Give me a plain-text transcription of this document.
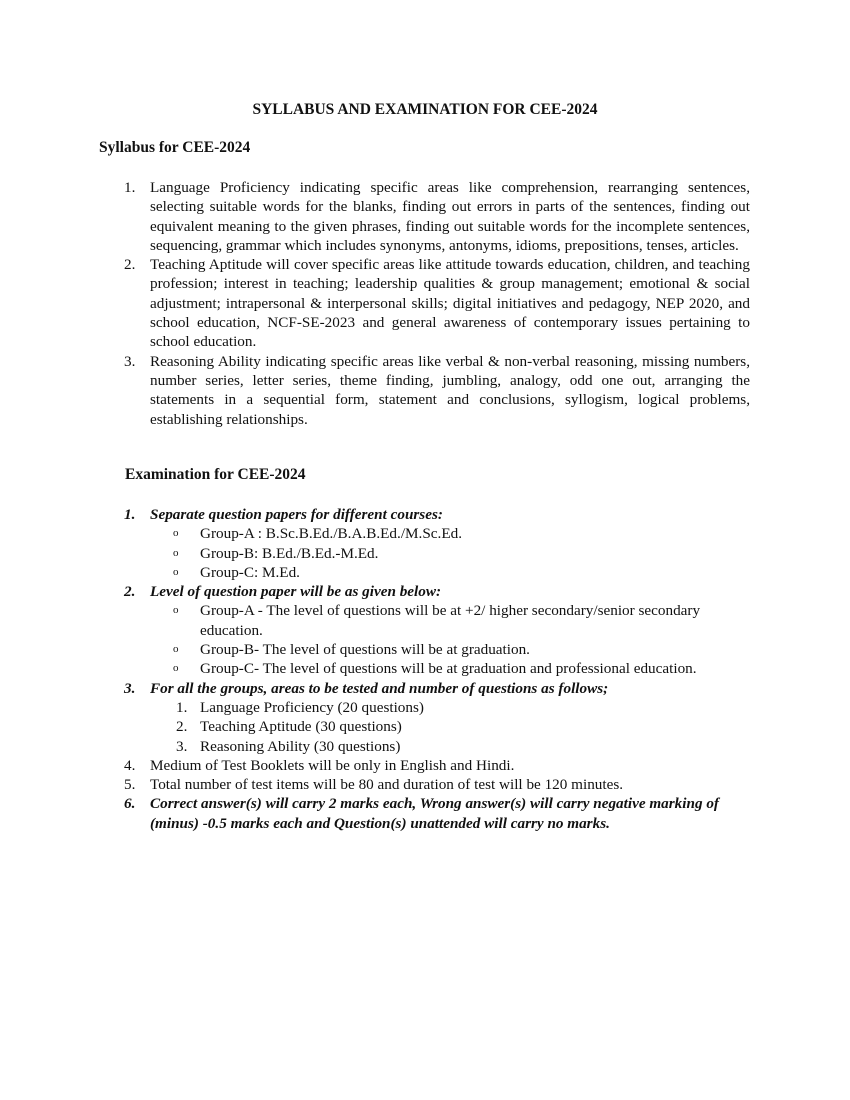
SYLLABUS AND EXAMINATION FOR CEE-2024
Syllabus for CEE-2024
1. Language Proficiency indicating specific areas like comprehension, rearranging sentences, selecting suitable words for the blanks, finding out errors in parts of the sentences, finding out equivalent meaning to the given phrases, finding out suitable words for the incomplete sentences, sequencing, grammar which includes synonyms, antonyms, idioms, prepositions, tenses, articles.
2. Teaching Aptitude will cover specific areas like attitude towards education, children, and teaching profession; interest in teaching; leadership qualities & group management; emotional & social adjustment; intrapersonal & interpersonal skills; digital initiatives and pedagogy, NEP 2020, and school education, NCF-SE-2023 and general awareness of contemporary issues pertaining to school education.
3. Reasoning Ability indicating specific areas like verbal & non-verbal reasoning, missing numbers, number series, letter series, theme finding, jumbling, analogy, odd one out, arranging the statements in a sequential form, statement and conclusions, syllogism, logical problems, establishing relationships.
Examination for CEE-2024
1. Separate question papers for different courses:
o Group-A : B.Sc.B.Ed./B.A.B.Ed./M.Sc.Ed.
o Group-B: B.Ed./B.Ed.-M.Ed.
o Group-C: M.Ed.
2. Level of question paper will be as given below:
o Group-A - The level of questions will be at +2/ higher secondary/senior secondary education.
o Group-B- The level of questions will be at graduation.
o Group-C- The level of questions will be at graduation and professional education.
3. For all the groups, areas to be tested and number of questions as follows;
1. Language Proficiency (20 questions)
2. Teaching Aptitude (30 questions)
3. Reasoning Ability (30 questions)
4. Medium of Test Booklets will be only in English and Hindi.
5. Total number of test items will be 80 and duration of test will be 120 minutes.
6. Correct answer(s) will carry 2 marks each, Wrong answer(s) will carry negative marking of (minus) -0.5 marks each and Question(s) unattended will carry no marks.
